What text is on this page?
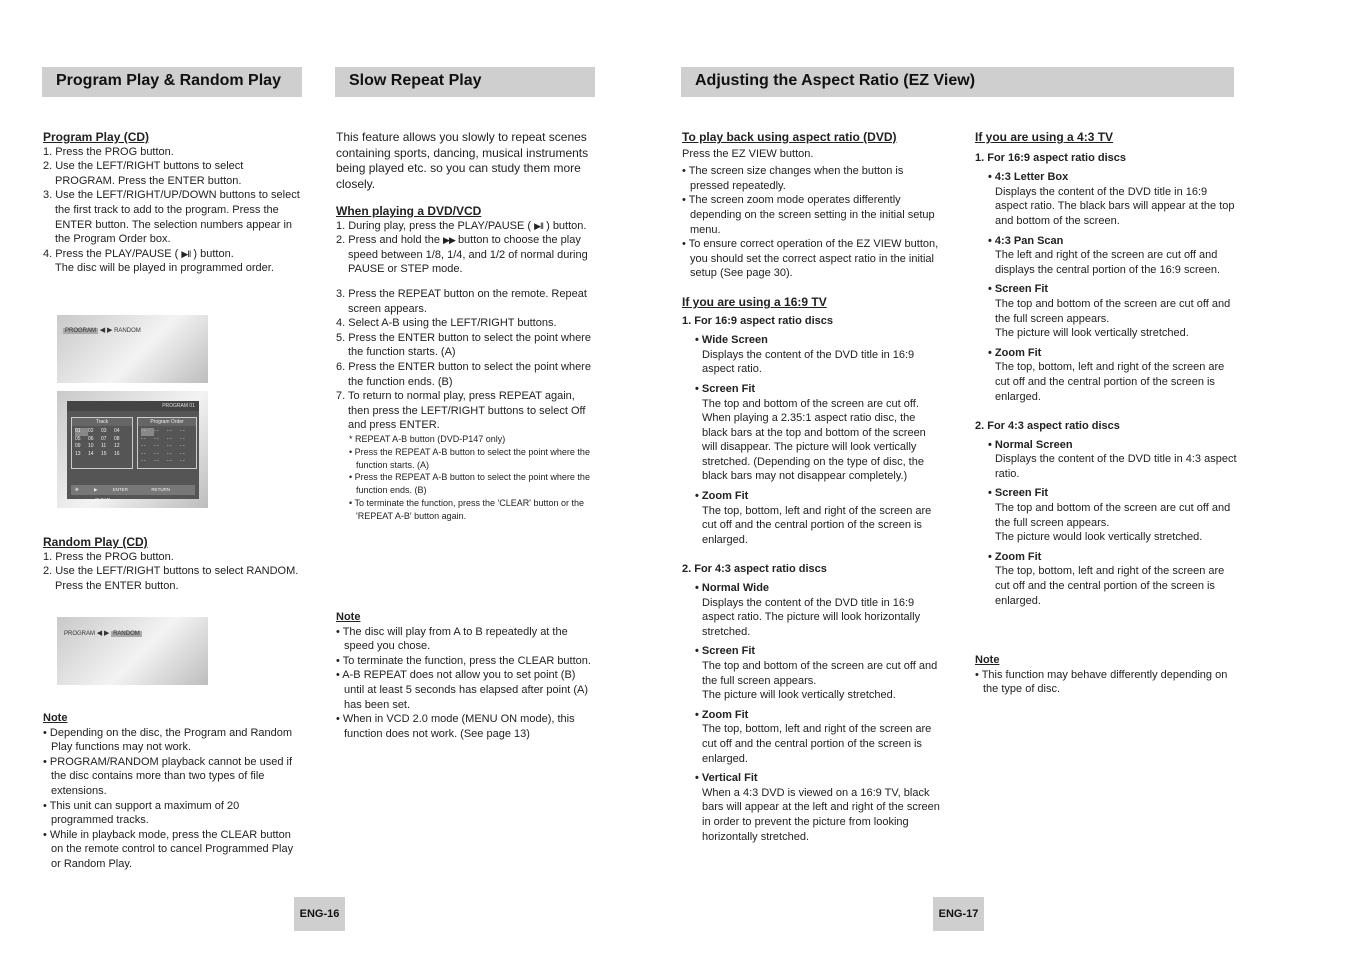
Program Play & Random Play	Slow Repeat Play	Adjusting the Aspect Ratio (EZ View)

Program Play (CD)

1. Press the PROG button.

2. Use the LEFT/RIGHT buttons to select PROGRAM. Press the ENTER button.

3. Use the LEFT/RIGHT/UP/DOWN buttons to select the first track to add to the program. Press the ENTER button. The selection numbers appear in the Program Order box.

4. Press the PLAY/PAUSE ( ▶II ) button.

The disc will be played in programmed order.

PROGRAM ◀ ▶ RANDOM
PROGRAM 01
Track
01	02	03	04
05	06	07	08
09	10	11	12
13	14	15	16
Program Order
- -	- -	- -	- -
- -	- -	- -	- -
- -	- -	- -	- -
- -	- -	- -	- -
- -	- -	- -	- -
✥	▶	ENTER	RETURN CLEAR

Random Play (CD)

1. Press the PROG button.

2. Use the LEFT/RIGHT buttons to select RANDOM. Press the ENTER button.

PROGRAM ◀ ▶ RANDOM

Note

• Depending on the disc, the Program and Random Play functions may not work.

• PROGRAM/RANDOM playback cannot be used if the disc contains more than two types of file extensions.

• This unit can support a maximum of 20 programmed tracks.

• While in playback mode, press the CLEAR button on the remote control to cancel Programmed Play or Random Play.

This feature allows you slowly to repeat scenes containing sports, dancing, musical instruments being played etc. so you can study them more closely.

When playing a DVD/VCD

1. During play, press the PLAY/PAUSE ( ▶II ) button.

2. Press and hold the ▶▶ button to choose the play speed between 1/8, 1/4, and 1/2 of normal during PAUSE or STEP mode.

3. Press the REPEAT button on the remote. Repeat screen appears.

4. Select A-B using the LEFT/RIGHT buttons.

5. Press the ENTER button to select the point where the function starts. (A)

6. Press the ENTER button to select the point where the function ends. (B)

7. To return to normal play, press REPEAT again, then press the LEFT/RIGHT buttons to select Off and press ENTER.

* REPEAT A-B button (DVD-P147 only)

• Press the REPEAT A-B button to select the point where the function starts. (A)

• Press the REPEAT A-B button to select the point where the function ends. (B)

• To terminate the function, press the 'CLEAR' button or the 'REPEAT A-B' button again.

Note

• The disc will play from A to B repeatedly at the speed you chose.

• To terminate the function, press the CLEAR button.

• A-B REPEAT does not allow you to set point (B) until at least 5 seconds has elapsed after point (A) has been set.

• When in VCD 2.0 mode (MENU ON mode), this function does not work. (See page 13)

To play back using aspect ratio (DVD)

Press the EZ VIEW button.

• The screen size changes when the button is pressed repeatedly.

• The screen zoom mode operates differently depending on the screen setting in the initial setup menu.

• To ensure correct operation of the EZ VIEW button, you should set the correct aspect ratio in the initial setup (See page 30).

If you are using a 16:9 TV

1. For 16:9 aspect ratio discs

• Wide Screen
Displays the content of the DVD title in 16:9 aspect ratio.
• Screen Fit
The top and bottom of the screen are cut off. When playing a 2.35:1 aspect ratio disc, the black bars at the top and bottom of the screen will disappear. The picture will look vertically stretched. (Depending on the type of disc, the black bars may not disappear completely.)
• Zoom Fit
The top, bottom, left and right of the screen are cut off and the central portion of the screen is enlarged.

2. For 4:3 aspect ratio discs

• Normal Wide
Displays the content of the DVD title in 16:9 aspect ratio. The picture will look horizontally stretched.
• Screen Fit
The top and bottom of the screen are cut off and the full screen appears.
The picture will look vertically stretched.
• Zoom Fit
The top, bottom, left and right of the screen are cut off and the central portion of the screen is enlarged.
• Vertical Fit
When a 4:3 DVD is viewed on a 16:9 TV, black bars will appear at the left and right of the screen in order to prevent the picture from looking horizontally stretched.

If you are using a 4:3 TV

1. For 16:9 aspect ratio discs

• 4:3 Letter Box
Displays the content of the DVD title in 16:9 aspect ratio. The black bars will appear at the top and bottom of the screen.
• 4:3 Pan Scan
The left and right of the screen are cut off and displays the central portion of the 16:9 screen.
• Screen Fit
The top and bottom of the screen are cut off and the full screen appears.
The picture will look vertically stretched.
• Zoom Fit
The top, bottom, left and right of the screen are cut off and the central portion of the screen is enlarged.

2. For 4:3 aspect ratio discs

• Normal Screen
Displays the content of the DVD title in 4:3 aspect ratio.
• Screen Fit
The top and bottom of the screen are cut off and the full screen appears.
The picture would look vertically stretched.
• Zoom Fit
The top, bottom, left and right of the screen are cut off and the central portion of the screen is enlarged.

Note

• This function may behave differently depending on the type of disc.

ENG-16	ENG-17
